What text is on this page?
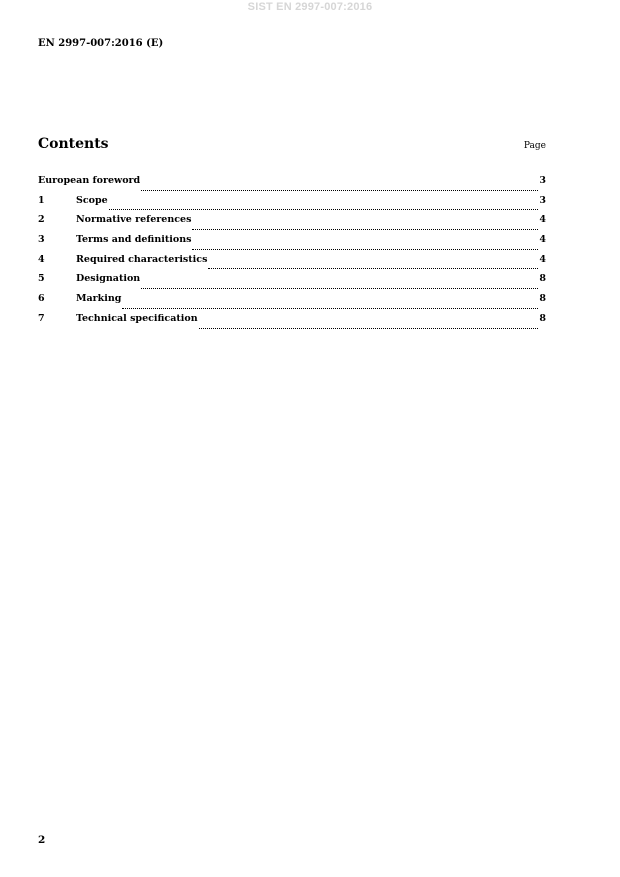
SIST EN 2997-007:2016
EN 2997-007:2016 (E)
Contents	Page
European foreword	3
1	Scope	3
2	Normative references	4
3	Terms and definitions	4
4	Required characteristics	4
5	Designation	8
6	Marking	8
7	Technical specification	8
2
